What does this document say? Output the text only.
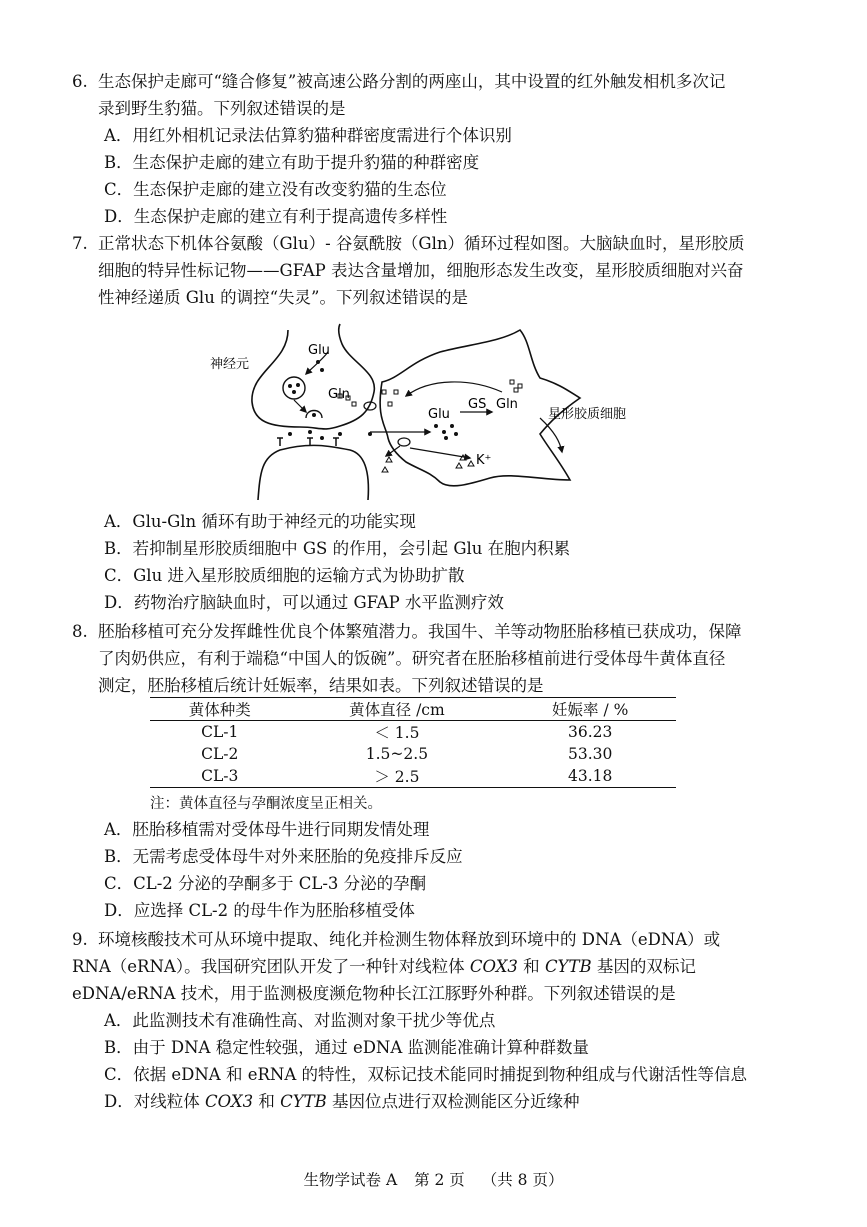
6. 生态保护走廊可“缝合修复”被高速公路分割的两座山，其中设置的红外触发相机多次记
录到野生豹猫。下列叙述错误的是
A．用红外相机记录法估算豹猫种群密度需进行个体识别
B．生态保护走廊的建立有助于提升豹猫的种群密度
C．生态保护走廊的建立没有改变豹猫的生态位
D．生态保护走廊的建立有利于提高遗传多样性
7. 正常状态下机体谷氨酸（Glu）- 谷氨酰胺（Gln）循环过程如图。大脑缺血时，星形胶质
细胞的特异性标记物——GFAP 表达含量增加，细胞形态发生改变，星形胶质细胞对兴奋
性神经递质 Glu 的调控“失灵”。下列叙述错误的是
神经元
Glu
Gln
Glu
GS Gln
K⁺
星形胶质细胞
A．Glu-Gln 循环有助于神经元的功能实现
B．若抑制星形胶质细胞中 GS 的作用，会引起 Glu 在胞内积累
C．Glu 进入星形胶质细胞的运输方式为协助扩散
D．药物治疗脑缺血时，可以通过 GFAP 水平监测疗效
8. 胚胎移植可充分发挥雌性优良个体繁殖潜力。我国牛、羊等动物胚胎移植已获成功，保障
了肉奶供应，有利于端稳“中国人的饭碗”。研究者在胚胎移植前进行受体母牛黄体直径
测定，胚胎移植后统计妊娠率，结果如表。下列叙述错误的是
黄体种类	黄体直径 /cm	妊娠率 / %
CL-1	＜ 1.5	36.23
CL-2	1.5~2.5	53.30
CL-3	＞ 2.5	43.18
注：黄体直径与孕酮浓度呈正相关。
A．胚胎移植需对受体母牛进行同期发情处理
B．无需考虑受体母牛对外来胚胎的免疫排斥反应
C．CL-2 分泌的孕酮多于 CL-3 分泌的孕酮
D．应选择 CL-2 的母牛作为胚胎移植受体
9. 环境核酸技术可从环境中提取、纯化并检测生物体释放到环境中的 DNA（eDNA）或
RNA（eRNA）。我国研究团队开发了一种针对线粒体 COX3 和 CYTB 基因的双标记
eDNA/eRNA 技术，用于监测极度濒危物种长江江豚野外种群。下列叙述错误的是
A．此监测技术有准确性高、对监测对象干扰少等优点
B．由于 DNA 稳定性较强，通过 eDNA 监测能准确计算种群数量
C．依据 eDNA 和 eRNA 的特性，双标记技术能同时捕捉到物种组成与代谢活性等信息
D．对线粒体 COX3 和 CYTB 基因位点进行双检测能区分近缘种
生物学试卷 A 第 2 页 （共 8 页）
